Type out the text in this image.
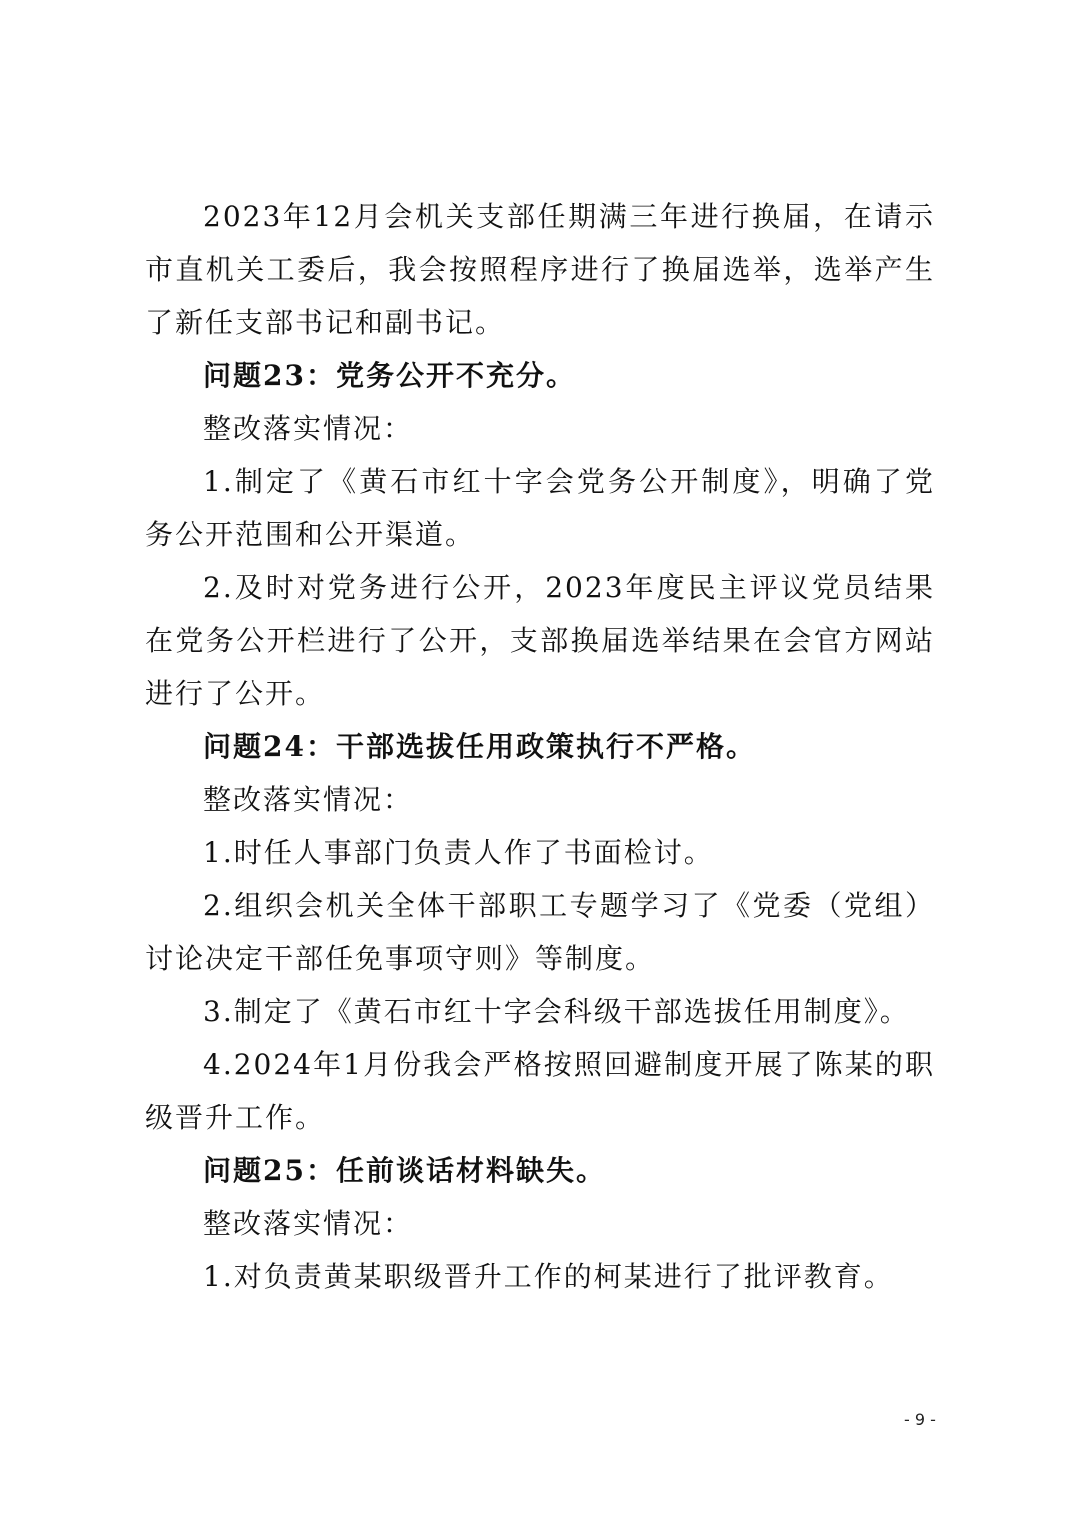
2023年12月会机关支部任期满三年进行换届，在请示市直机关工委后，我会按照程序进行了换届选举，选举产生了新任支部书记和副书记。

问题23：党务公开不充分。

整改落实情况：

1.制定了《黄石市红十字会党务公开制度》，明确了党务公开范围和公开渠道。

2.及时对党务进行公开，2023年度民主评议党员结果在党务公开栏进行了公开，支部换届选举结果在会官方网站进行了公开。

问题24：干部选拔任用政策执行不严格。

整改落实情况：

1.时任人事部门负责人作了书面检讨。

2.组织会机关全体干部职工专题学习了《党委（党组）讨论决定干部任免事项守则》等制度。

3.制定了《黄石市红十字会科级干部选拔任用制度》。

4.2024年1月份我会严格按照回避制度开展了陈某的职级晋升工作。

问题25：任前谈话材料缺失。

整改落实情况：

1.对负责黄某职级晋升工作的柯某进行了批评教育。

- 9 -
